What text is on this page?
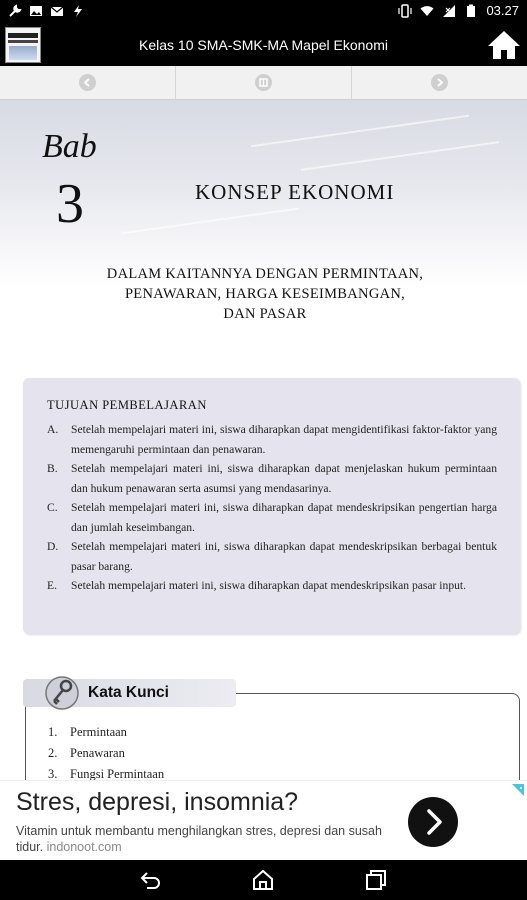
03.27
Kelas 10 SMA-SMK-MA Mapel Ekonomi
Bab
3	KONSEP EKONOMI
DALAM KAITANNYA DENGAN PERMINTAAN,
PENAWARAN, HARGA KESEIMBANGAN,
DAN PASAR
TUJUAN PEMBELAJARAN
A. Setelah mempelajari materi ini, siswa diharapkan dapat mengidentifikasi faktor-faktor yang memengaruhi permintaan dan penawaran.
B. Setelah mempelajari materi ini, siswa diharapkan dapat menjelaskan hukum permintaan dan hukum penawaran serta asumsi yang mendasarinya.
C. Setelah mempelajari materi ini, siswa diharapkan dapat mendeskripsikan pengertian harga dan jumlah keseimbangan.
D. Setelah mempelajari materi ini, siswa diharapkan dapat mendeskripsikan berbagai bentuk pasar barang.
E. Setelah mempelajari materi ini, siswa diharapkan dapat mendeskripsikan pasar input.
Kata Kunci
1. Permintaan
2. Penawaran
3. Fungsi Permintaan
Stres, depresi, insomnia?
Vitamin untuk membantu menghilangkan stres, depresi dan susah tidur. indonoot.com
